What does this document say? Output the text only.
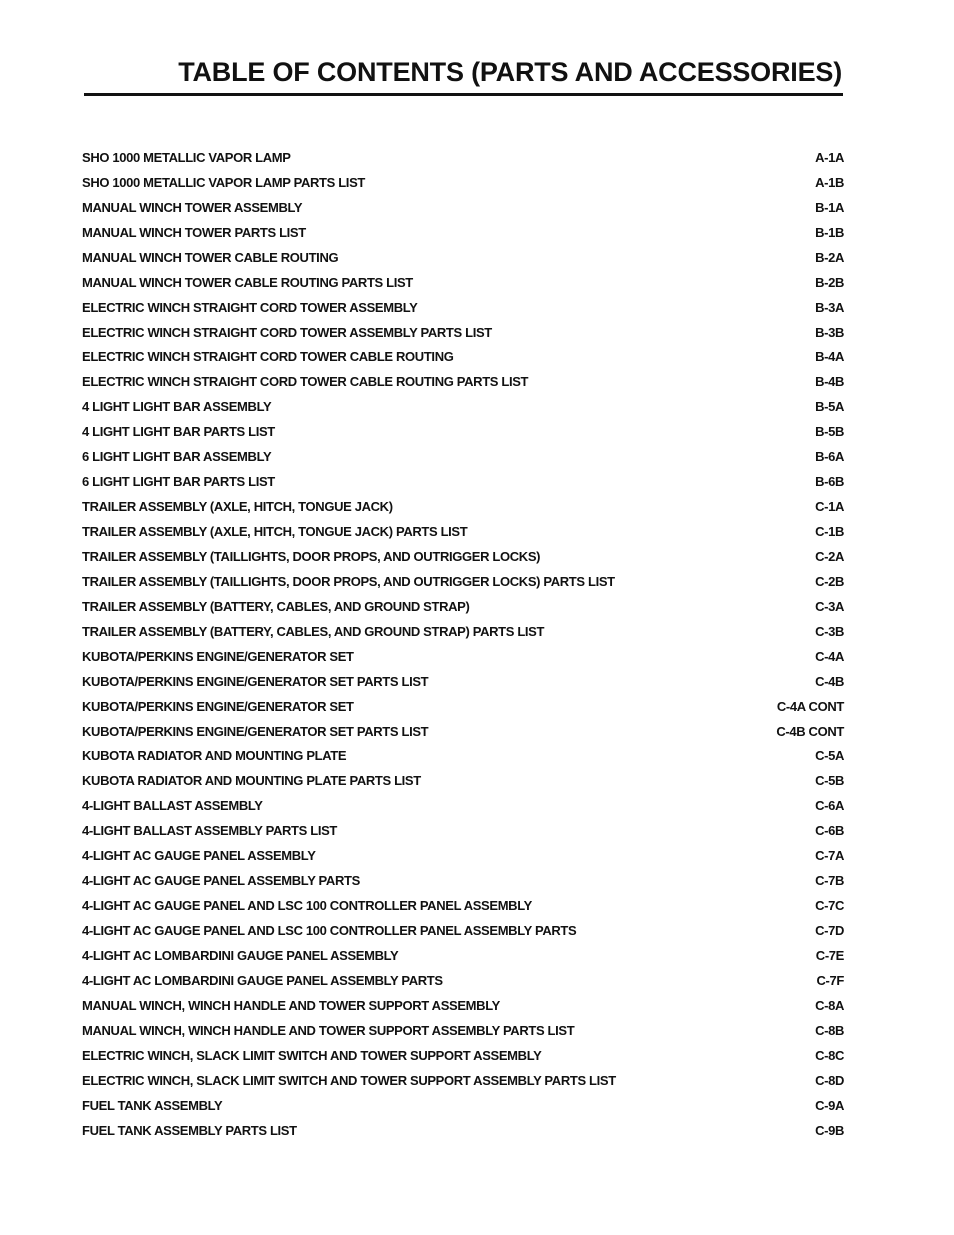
TABLE OF CONTENTS (PARTS AND ACCESSORIES)
SHO 1000 METALLIC VAPOR LAMP	A-1A
SHO 1000 METALLIC VAPOR LAMP PARTS LIST	A-1B
MANUAL WINCH TOWER ASSEMBLY	B-1A
MANUAL WINCH TOWER PARTS LIST	B-1B
MANUAL WINCH TOWER CABLE ROUTING	B-2A
MANUAL WINCH TOWER CABLE ROUTING PARTS LIST	B-2B
ELECTRIC WINCH STRAIGHT CORD TOWER ASSEMBLY	B-3A
ELECTRIC WINCH STRAIGHT CORD TOWER ASSEMBLY PARTS LIST	B-3B
ELECTRIC WINCH STRAIGHT CORD TOWER CABLE ROUTING	B-4A
ELECTRIC WINCH STRAIGHT CORD TOWER CABLE ROUTING PARTS LIST	B-4B
4 LIGHT LIGHT BAR ASSEMBLY	B-5A
4 LIGHT LIGHT BAR PARTS LIST	B-5B
6 LIGHT LIGHT BAR ASSEMBLY	B-6A
6 LIGHT LIGHT BAR PARTS LIST	B-6B
TRAILER ASSEMBLY (AXLE, HITCH, TONGUE JACK)	C-1A
TRAILER ASSEMBLY (AXLE, HITCH, TONGUE JACK) PARTS LIST	C-1B
TRAILER ASSEMBLY (TAILLIGHTS, DOOR PROPS, AND OUTRIGGER LOCKS)	C-2A
TRAILER ASSEMBLY (TAILLIGHTS, DOOR PROPS, AND OUTRIGGER LOCKS) PARTS LIST	C-2B
TRAILER ASSEMBLY (BATTERY, CABLES, AND GROUND STRAP)	C-3A
TRAILER ASSEMBLY (BATTERY, CABLES, AND GROUND STRAP) PARTS LIST	C-3B
KUBOTA/PERKINS ENGINE/GENERATOR SET	C-4A
KUBOTA/PERKINS ENGINE/GENERATOR SET PARTS LIST	C-4B
KUBOTA/PERKINS ENGINE/GENERATOR SET	C-4A CONT
KUBOTA/PERKINS ENGINE/GENERATOR SET PARTS LIST	C-4B CONT
KUBOTA RADIATOR AND MOUNTING PLATE	C-5A
KUBOTA RADIATOR AND MOUNTING PLATE PARTS LIST	C-5B
4-LIGHT BALLAST ASSEMBLY	C-6A
4-LIGHT BALLAST ASSEMBLY PARTS LIST	C-6B
4-LIGHT AC GAUGE PANEL ASSEMBLY	C-7A
4-LIGHT AC GAUGE PANEL ASSEMBLY PARTS	C-7B
4-LIGHT AC GAUGE PANEL AND LSC 100 CONTROLLER PANEL ASSEMBLY	C-7C
4-LIGHT AC GAUGE PANEL AND LSC 100 CONTROLLER PANEL ASSEMBLY PARTS	C-7D
4-LIGHT AC LOMBARDINI GAUGE PANEL ASSEMBLY	C-7E
4-LIGHT AC LOMBARDINI GAUGE PANEL ASSEMBLY PARTS	C-7F
MANUAL WINCH, WINCH HANDLE AND TOWER SUPPORT ASSEMBLY	C-8A
MANUAL WINCH, WINCH HANDLE AND TOWER SUPPORT ASSEMBLY PARTS LIST	C-8B
ELECTRIC WINCH, SLACK LIMIT SWITCH AND TOWER SUPPORT ASSEMBLY	C-8C
ELECTRIC WINCH, SLACK LIMIT SWITCH AND TOWER SUPPORT ASSEMBLY PARTS LIST	C-8D
FUEL TANK ASSEMBLY	C-9A
FUEL TANK ASSEMBLY PARTS LIST	C-9B
